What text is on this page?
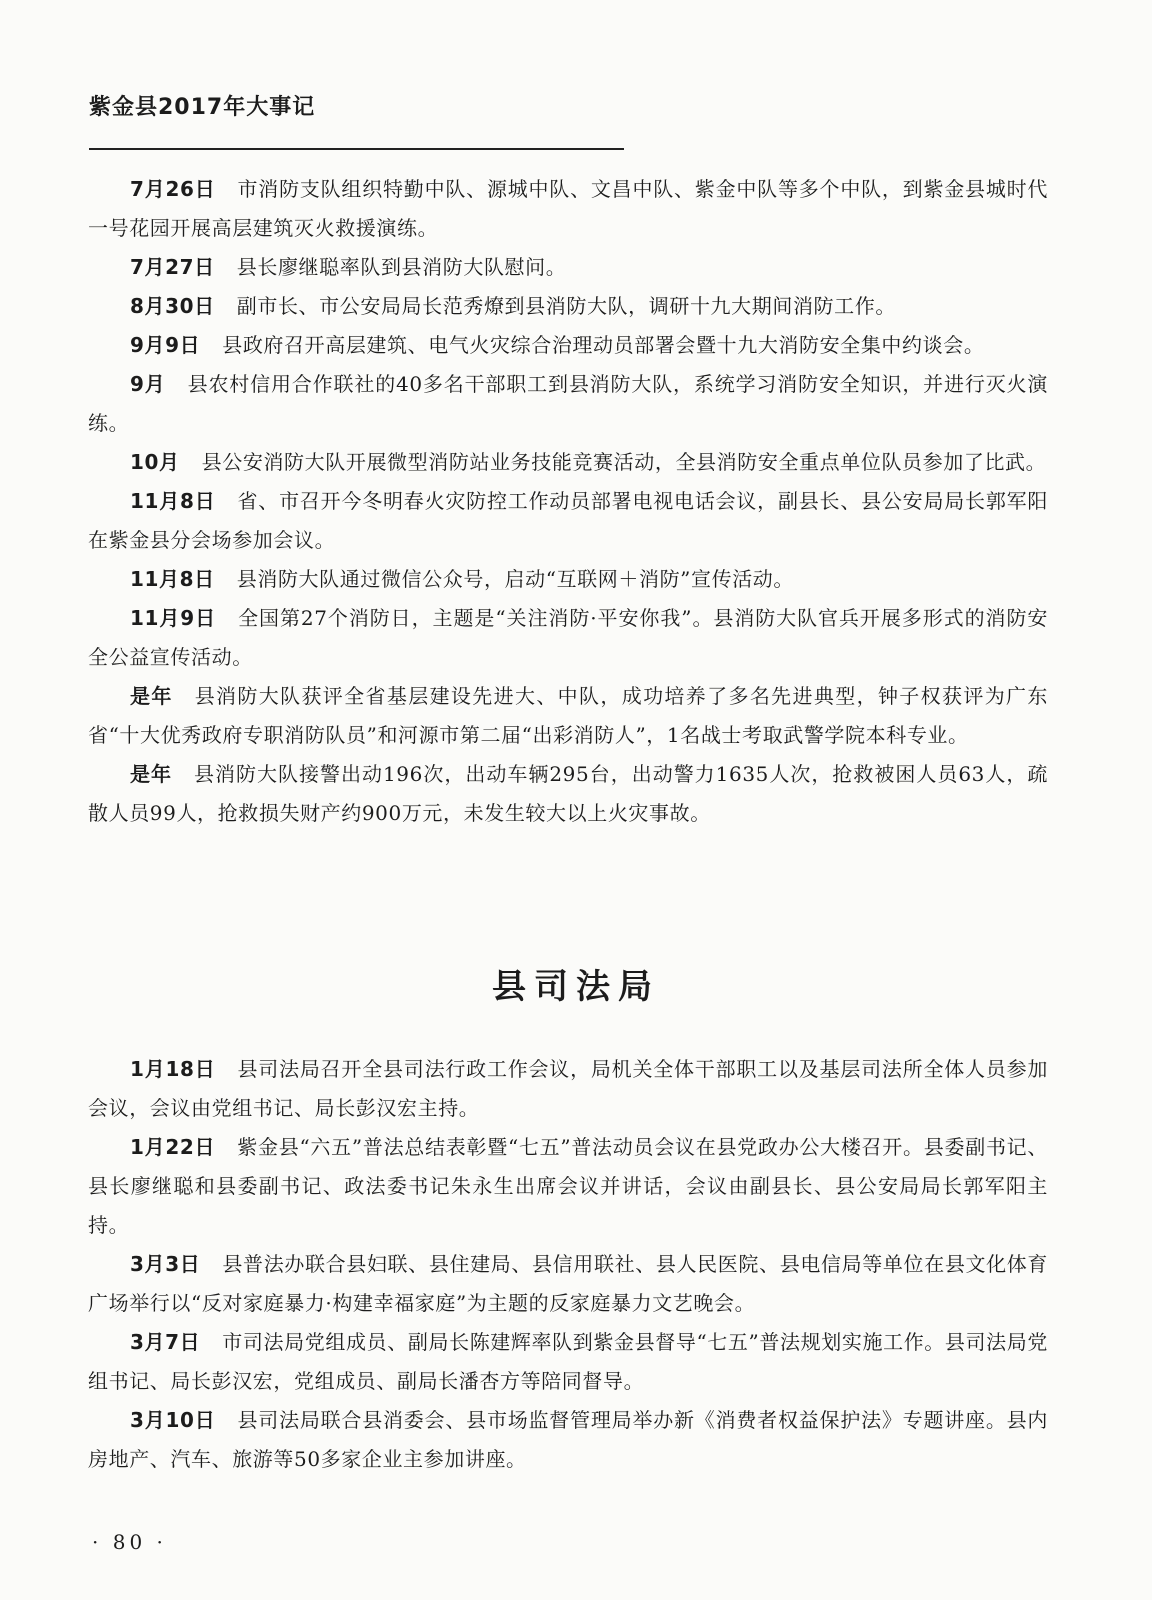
紫金县2017年大事记

7月26日 市消防支队组织特勤中队、源城中队、文昌中队、紫金中队等多个中队，到紫金县城时代一号花园开展高层建筑灭火救援演练。

7月27日 县长廖继聪率队到县消防大队慰问。

8月30日 副市长、市公安局局长范秀燎到县消防大队，调研十九大期间消防工作。

9月9日 县政府召开高层建筑、电气火灾综合治理动员部署会暨十九大消防安全集中约谈会。

9月 县农村信用合作联社的40多名干部职工到县消防大队，系统学习消防安全知识，并进行灭火演练。

10月 县公安消防大队开展微型消防站业务技能竞赛活动，全县消防安全重点单位队员参加了比武。

11月8日 省、市召开今冬明春火灾防控工作动员部署电视电话会议，副县长、县公安局局长郭军阳在紫金县分会场参加会议。

11月8日 县消防大队通过微信公众号，启动“互联网＋消防”宣传活动。

11月9日 全国第27个消防日，主题是“关注消防·平安你我”。县消防大队官兵开展多形式的消防安全公益宣传活动。

是年 县消防大队获评全省基层建设先进大、中队，成功培养了多名先进典型，钟子权获评为广东省“十大优秀政府专职消防队员”和河源市第二届“出彩消防人”，1名战士考取武警学院本科专业。

是年 县消防大队接警出动196次，出动车辆295台，出动警力1635人次，抢救被困人员63人，疏散人员99人，抢救损失财产约900万元，未发生较大以上火灾事故。

县司法局

1月18日 县司法局召开全县司法行政工作会议，局机关全体干部职工以及基层司法所全体人员参加会议，会议由党组书记、局长彭汉宏主持。

1月22日 紫金县“六五”普法总结表彰暨“七五”普法动员会议在县党政办公大楼召开。县委副书记、县长廖继聪和县委副书记、政法委书记朱永生出席会议并讲话，会议由副县长、县公安局局长郭军阳主持。

3月3日 县普法办联合县妇联、县住建局、县信用联社、县人民医院、县电信局等单位在县文化体育广场举行以“反对家庭暴力·构建幸福家庭”为主题的反家庭暴力文艺晚会。

3月7日 市司法局党组成员、副局长陈建辉率队到紫金县督导“七五”普法规划实施工作。县司法局党组书记、局长彭汉宏，党组成员、副局长潘杏方等陪同督导。

3月10日 县司法局联合县消委会、县市场监督管理局举办新《消费者权益保护法》专题讲座。县内房地产、汽车、旅游等50多家企业主参加讲座。

· 80 ·
